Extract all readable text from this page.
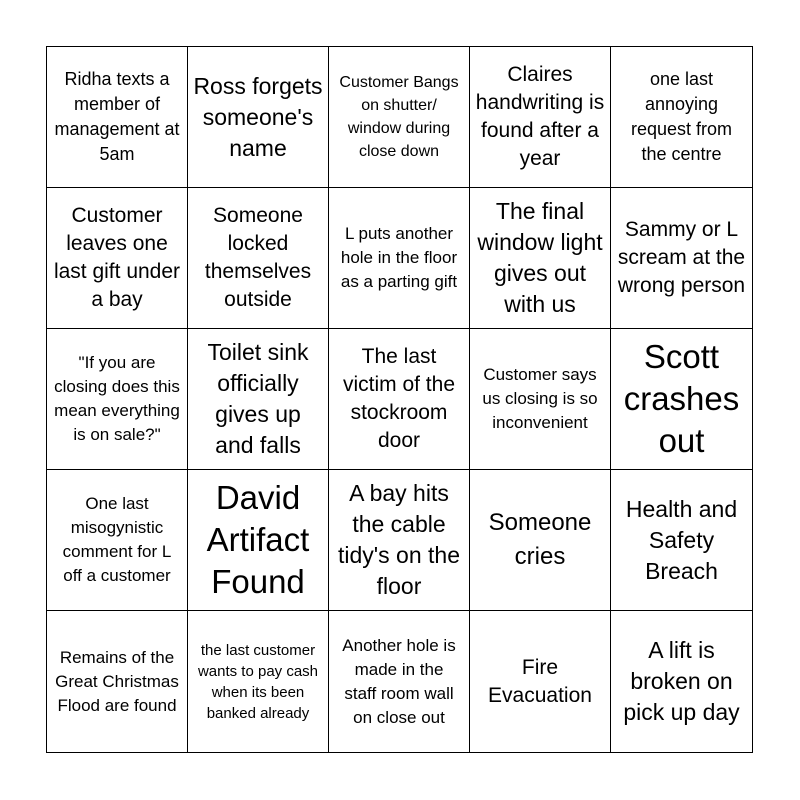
Ridha texts a member of management at 5am
Ross forgets someone's name
Customer Bangs on shutter/ window during close down
Claires handwriting is found after a year
one last annoying request from the centre
Customer leaves one last gift under a bay
Someone locked themselves outside
L puts another hole in the floor as a parting gift
The final window light gives out with us
Sammy or L scream at the wrong person
"If you are closing does this mean everything is on sale?"
Toilet sink officially gives up and falls
The last victim of the stockroom door
Customer says us closing is so inconvenient
Scott crashes out
One last misogynistic comment for L off a customer
David Artifact Found
A bay hits the cable tidy's on the floor
Someone cries
Health and Safety Breach
Remains of the Great Christmas Flood are found
the last customer wants to pay cash when its been banked already
Another hole is made in the staff room wall on close out
Fire Evacuation
A lift is broken on pick up day
